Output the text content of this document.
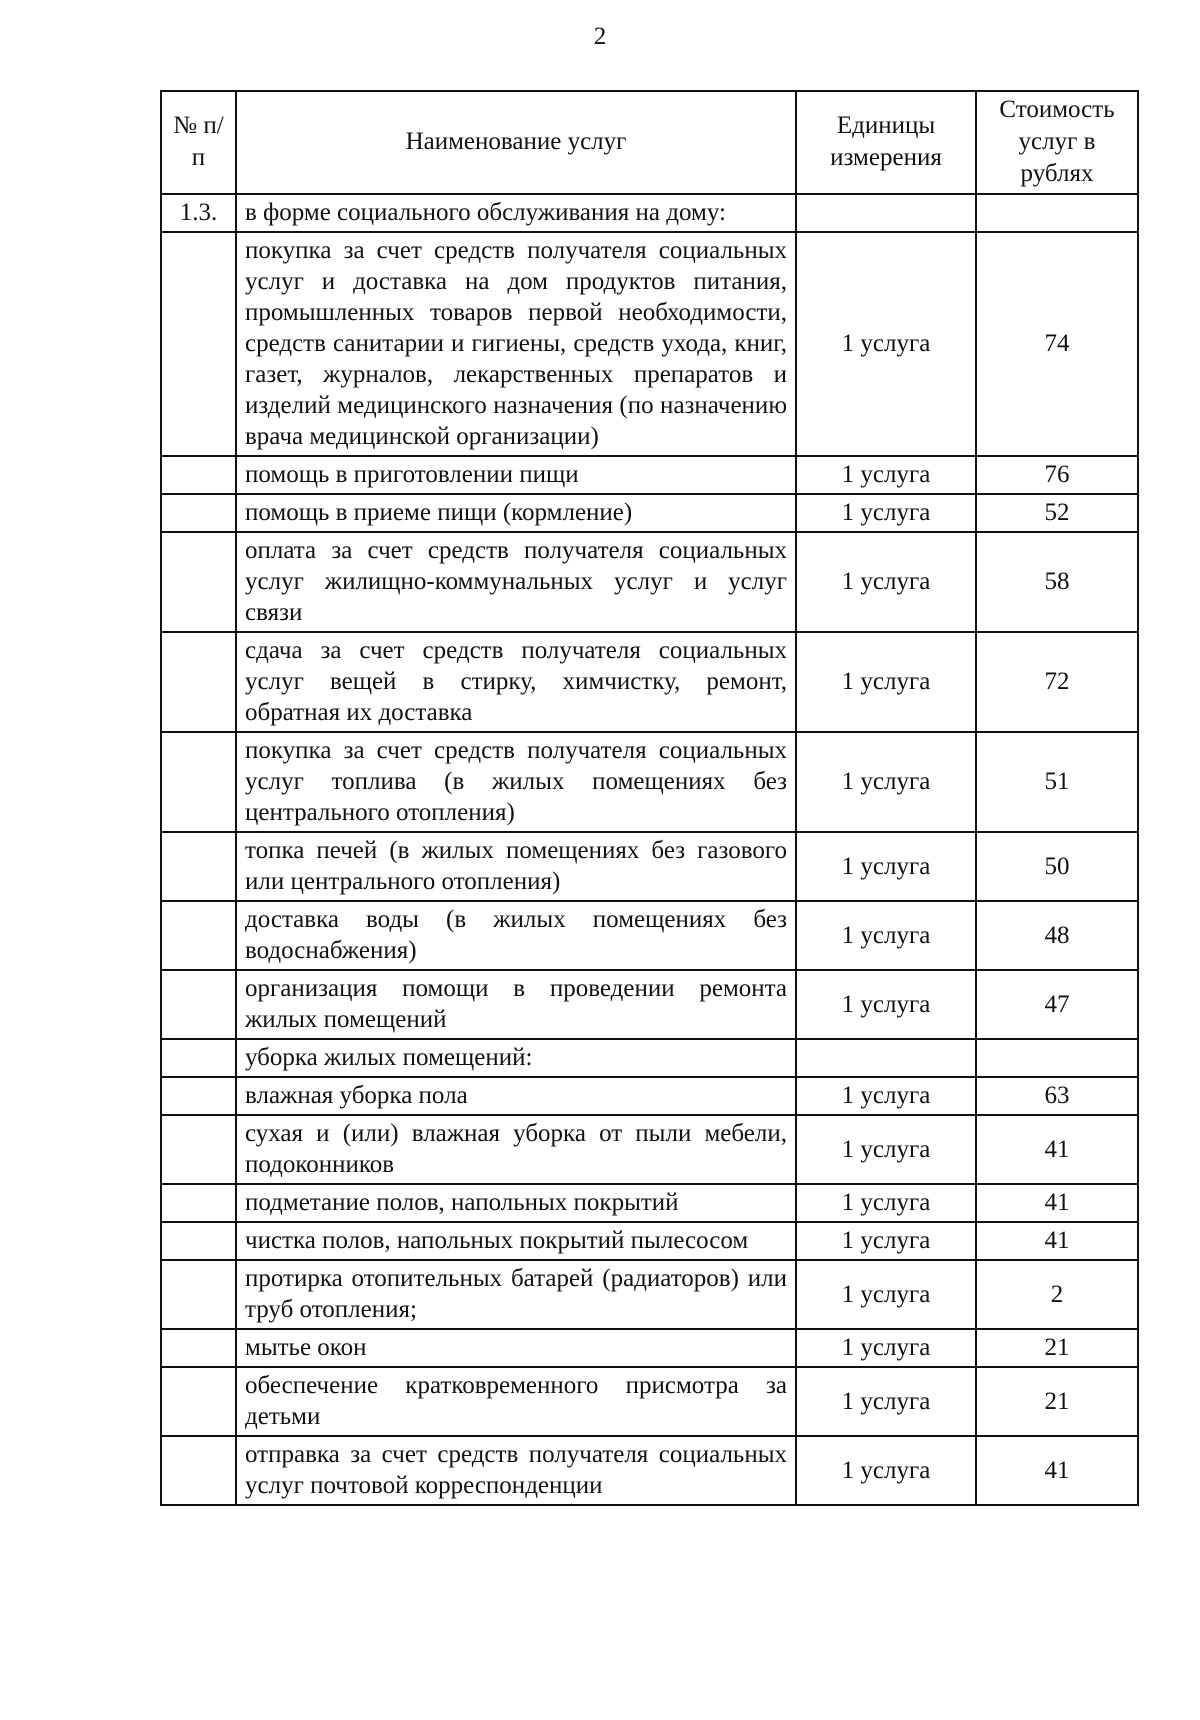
2
№ п/п	Наименование услуг	Единицы измерения	Стоимость услуг в рублях
1.3.	в форме социального обслуживания на дому:		
	покупка за счет средств получателя социальных услуг и доставка на дом продуктов питания, промышленных товаров первой необходимости, средств санитарии и гигиены, средств ухода, книг, газет, журналов, лекарственных препаратов и изделий медицинского назначения (по назначению врача медицинской организации)	1 услуга	74
	помощь в приготовлении пищи	1 услуга	76
	помощь в приеме пищи (кормление)	1 услуга	52
	оплата за счет средств получателя социальных услуг жилищно-коммунальных услуг и услуг связи	1 услуга	58
	сдача за счет средств получателя социальных услуг вещей в стирку, химчистку, ремонт, обратная их доставка	1 услуга	72
	покупка за счет средств получателя социальных услуг топлива (в жилых помещениях без центрального отопления)	1 услуга	51
	топка печей (в жилых помещениях без газового или центрального отопления)	1 услуга	50
	доставка воды (в жилых помещениях без водоснабжения)	1 услуга	48
	организация помощи в проведении ремонта жилых помещений	1 услуга	47
	уборка жилых помещений:		
	влажная уборка пола	1 услуга	63
	сухая и (или) влажная уборка от пыли мебели, подоконников	1 услуга	41
	подметание полов, напольных покрытий	1 услуга	41
	чистка полов, напольных покрытий пылесосом	1 услуга	41
	протирка отопительных батарей (радиаторов) или труб отопления;	1 услуга	2
	мытье окон	1 услуга	21
	обеспечение кратковременного присмотра за детьми	1 услуга	21
	отправка за счет средств получателя социальных услуг почтовой корреспонденции	1 услуга	41
